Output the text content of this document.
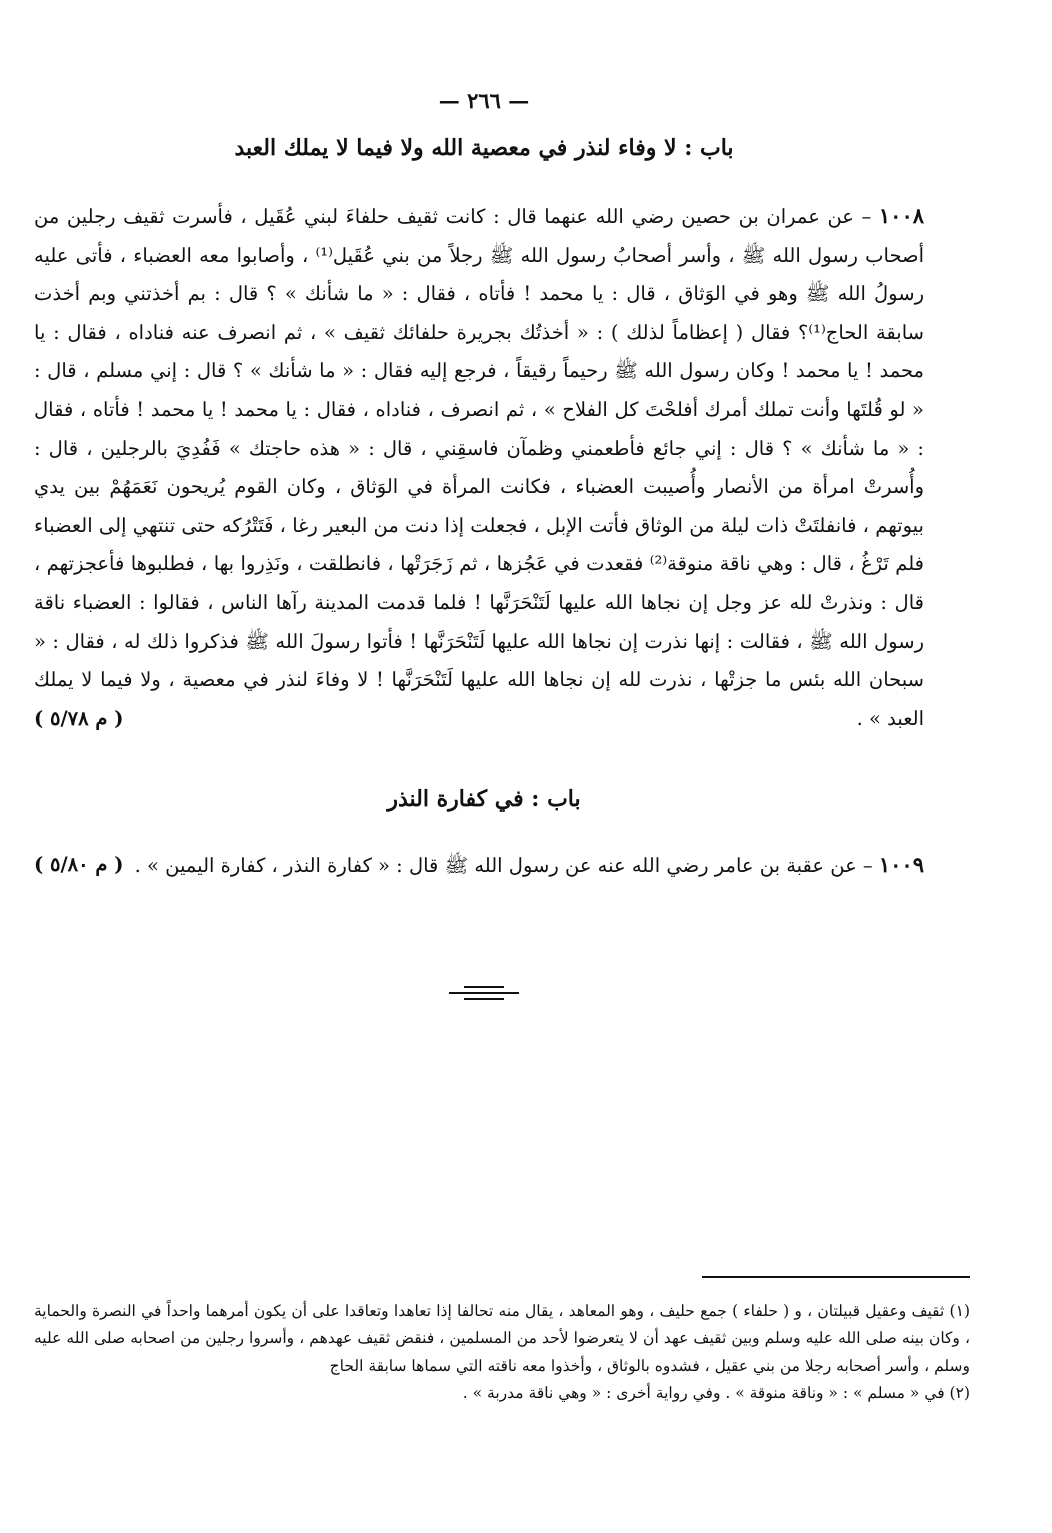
— ٢٦٦ —
باب : لا وفاء لنذر في معصية الله ولا فيما لا يملك العبد

١٠٠٨ – عن عمران بن حصين رضي الله عنهما قال : كانت ثقيف حلفاءَ لبني عُقَيل ، فأسرت ثقيف رجلين من أصحاب رسول الله ﷺ ، وأسر أصحابُ رسول الله ﷺ رجلاً من بني عُقَيل⁽¹⁾ ، وأصابوا معه العضباء ، فأتى عليه رسولُ الله ﷺ وهو في الوَثاق ، قال : يا محمد ! فأتاه ، فقال : « ما شأنك » ؟ قال : بم أخذتني وبم أخذت سابقة الحاج⁽¹⁾؟ فقال ( إعظاماً لذلك ) : « أخذتُك بجريرة حلفائك ثقيف » ، ثم انصرف عنه فناداه ، فقال : يا محمد ! يا محمد ! وكان رسول الله ﷺ رحيماً رقيقاً ، فرجع إليه فقال : « ما شأنك » ؟ قال : إني مسلم ، قال : « لو قُلتَها وأنت تملك أمرك أفلحْتَ كل الفلاح » ، ثم انصرف ، فناداه ، فقال : يا محمد ! يا محمد ! فأتاه ، فقال : « ما شأنك » ؟ قال : إني جائع فأطعمني وظمآن فاسقِني ، قال : « هذه حاجتك » فَفُدِيَ بالرجلين ، قال : وأُسرتْ امرأة من الأنصار وأُصيبت العضباء ، فكانت المرأة في الوَثاق ، وكان القوم يُريحون نَعَمَهُمْ بين يدي بيوتهم ، فانفلتَتْ ذات ليلة من الوثاق فأتت الإبل ، فجعلت إذا دنت من البعير رغا ، فَتَتْرُكه حتى تنتهي إلى العضباء فلم تَرْغُ ، قال : وهي ناقة منوقة⁽²⁾ فقعدت في عَجُزها ، ثم زَجَرَتْها ، فانطلقت ، ونَذِروا بها ، فطلبوها فأعجزتهم ، قال : ونذرتْ لله عز وجل إن نجاها الله عليها لَتَنْحَرَنَّها ! فلما قدمت المدينة رآها الناس ، فقالوا : العضباء ناقة رسول الله ﷺ ، فقالت : إنها نذرت إن نجاها الله عليها لَتَنْحَرَنَّها ! فأتوا رسولَ الله ﷺ فذكروا ذلك له ، فقال : « سبحان الله بئس ما جزتْها ، نذرت لله إن نجاها الله عليها لَتَنْحَرَنَّها ! لا وفاءَ لنذر في معصية ، ولا فيما لا يملك العبد » .
( م ٥/٧٨ )

باب : في كفارة النذر

١٠٠٩ – عن عقبة بن عامر رضي الله عنه عن رسول الله ﷺ قال : « كفارة النذر ، كفارة اليمين » .
( م ٥/٨٠ )

(١) ثقيف وعقيل قبيلتان ، و ( حلفاء ) جمع حليف ، وهو المعاهد ، يقال منه تحالفا إذا تعاهدا وتعاقدا على أن يكون أمرهما واحداً في النصرة والحماية ، وكان بينه صلى الله عليه وسلم وبين ثقيف عهد أن لا يتعرضوا لأحد من المسلمين ، فنقض ثقيف عهدهم ، وأسروا رجلين من اصحابه صلى الله عليه وسلم ، وأسر أصحابه رجلا من بني عقيل ، فشدوه بالوثاق ، وأخذوا معه ناقته التي سماها سابقة الحاج

(٢) في « مسلم » : « وناقة منوقة » . وفي رواية أخرى : « وهي ناقة مدربة » .
